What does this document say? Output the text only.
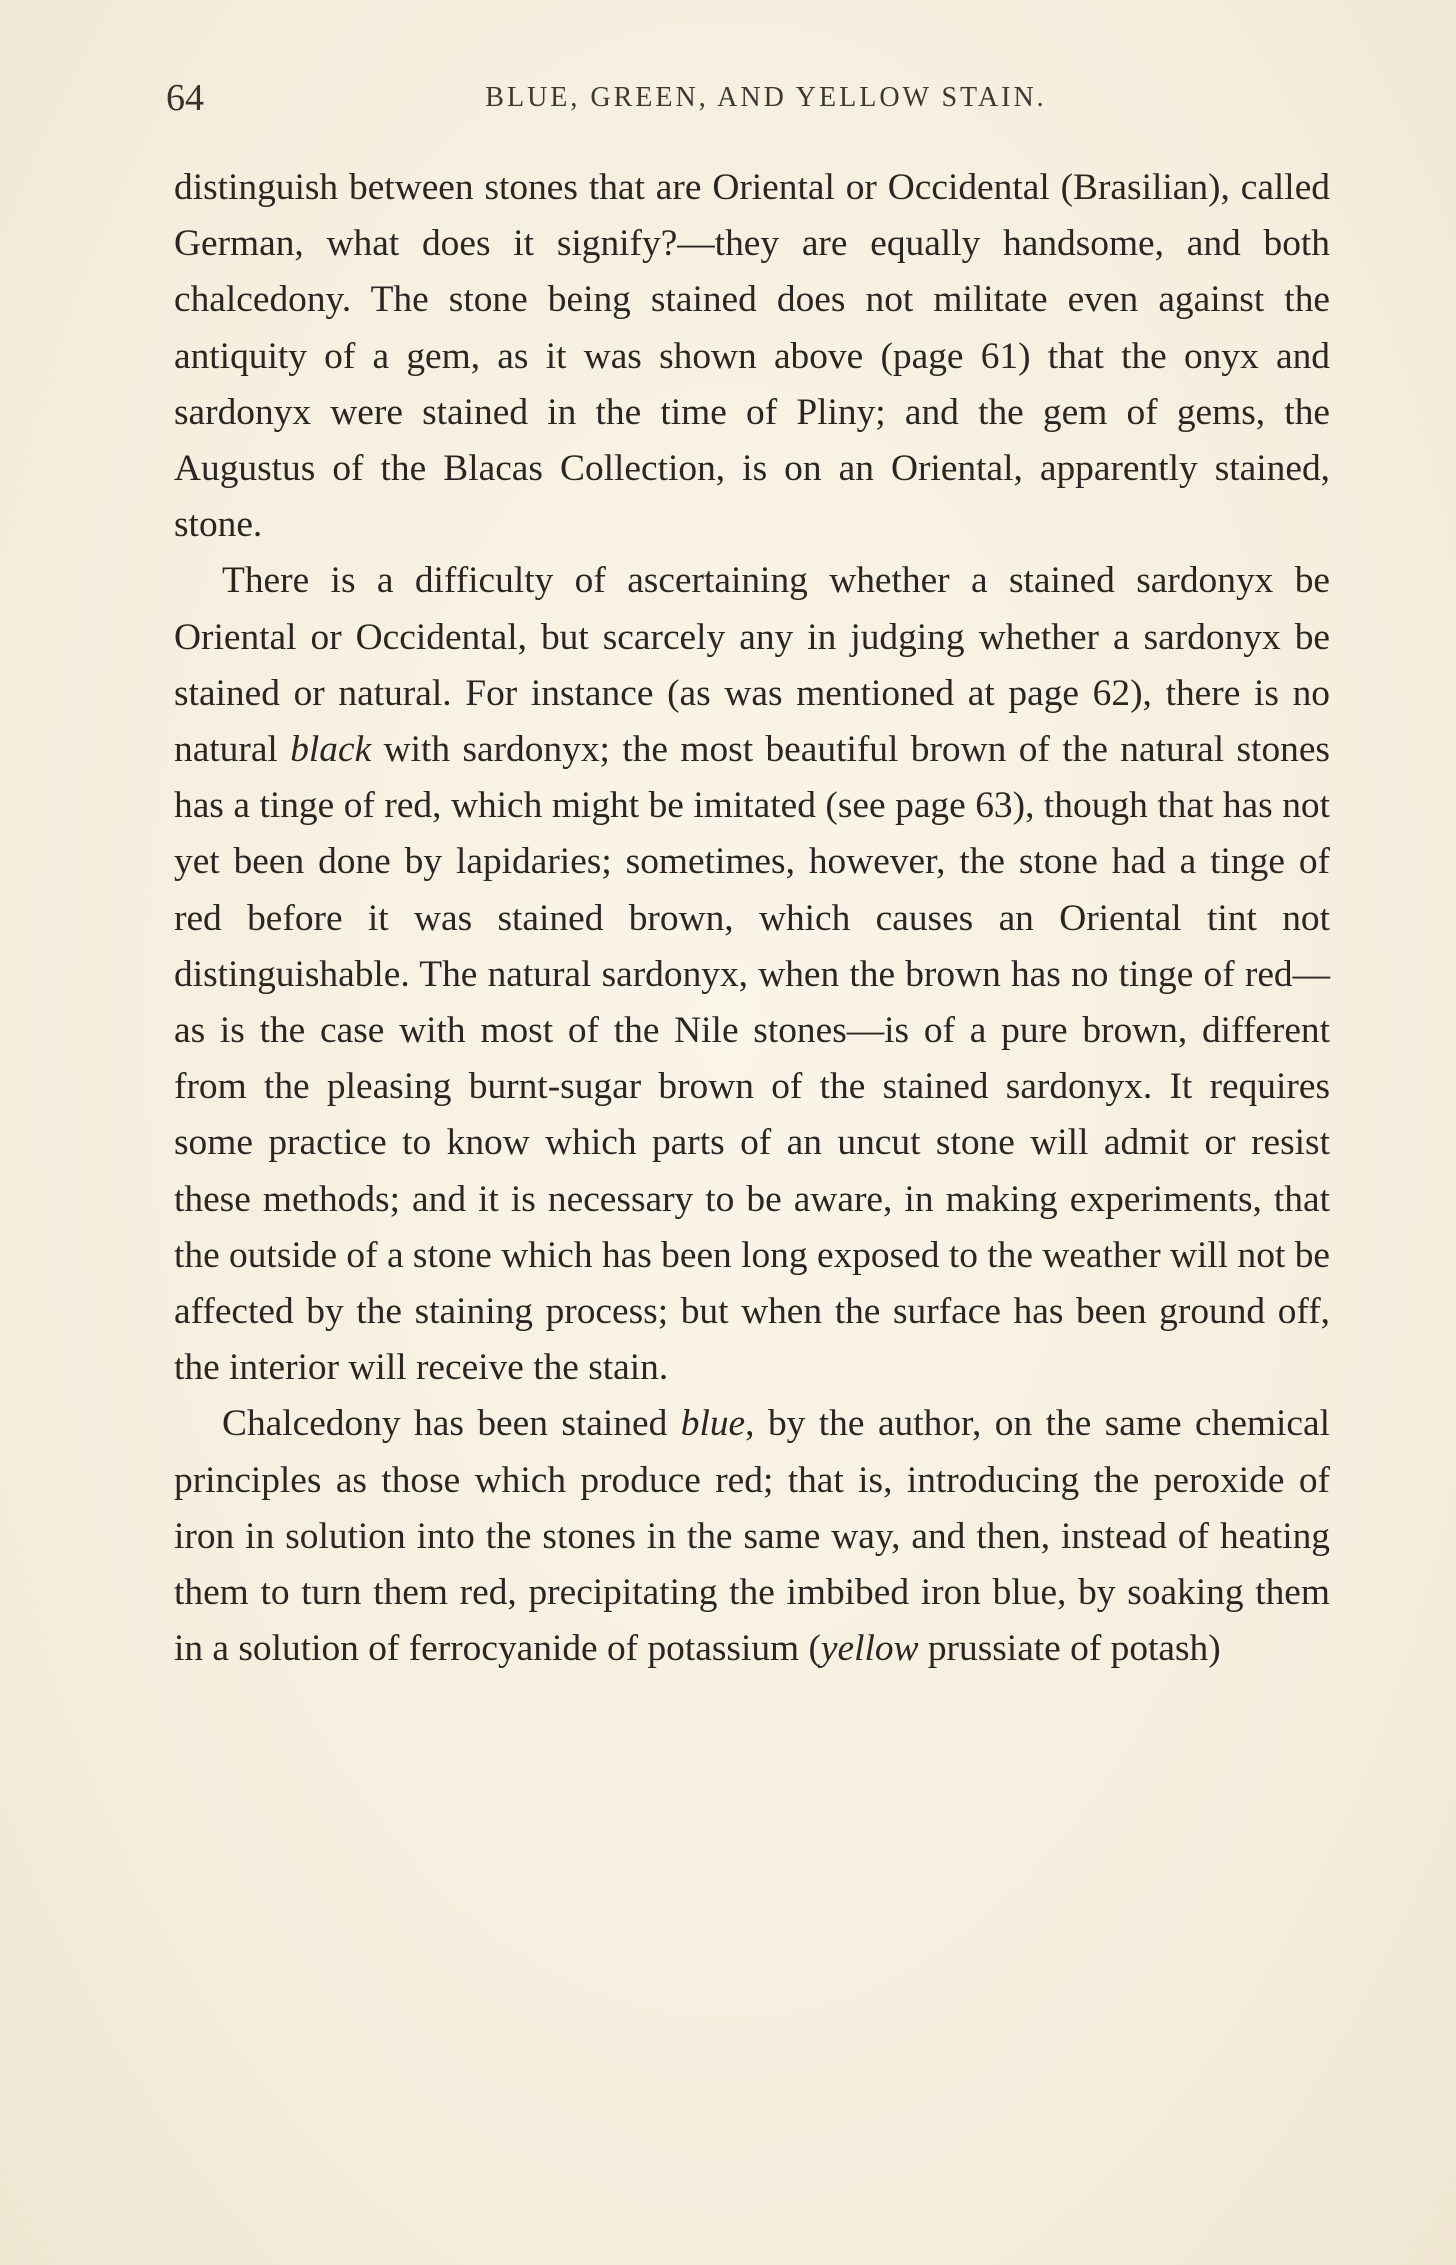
64	BLUE, GREEN, AND YELLOW STAIN.

distinguish between stones that are Oriental or Occidental (Brasilian), called German, what does it signify?—they are equally handsome, and both chalcedony. The stone being stained does not militate even against the antiquity of a gem, as it was shown above (page 61) that the onyx and sardonyx were stained in the time of Pliny; and the gem of gems, the Augustus of the Blacas Collection, is on an Oriental, apparently stained, stone.

There is a difficulty of ascertaining whether a stained sardonyx be Oriental or Occidental, but scarcely any in judging whether a sardonyx be stained or natural. For instance (as was mentioned at page 62), there is no natural black with sardonyx; the most beautiful brown of the natural stones has a tinge of red, which might be imitated (see page 63), though that has not yet been done by lapidaries; sometimes, however, the stone had a tinge of red before it was stained brown, which causes an Oriental tint not distinguishable. The natural sardonyx, when the brown has no tinge of red—as is the case with most of the Nile stones—is of a pure brown, different from the pleasing burnt-sugar brown of the stained sardonyx. It requires some practice to know which parts of an uncut stone will admit or resist these methods; and it is necessary to be aware, in making experiments, that the outside of a stone which has been long exposed to the weather will not be affected by the staining process; but when the surface has been ground off, the interior will receive the stain.

Chalcedony has been stained blue, by the author, on the same chemical principles as those which produce red; that is, introducing the peroxide of iron in solution into the stones in the same way, and then, instead of heating them to turn them red, precipitating the imbibed iron blue, by soaking them in a solution of ferrocyanide of potassium (yellow prussiate of potash)
